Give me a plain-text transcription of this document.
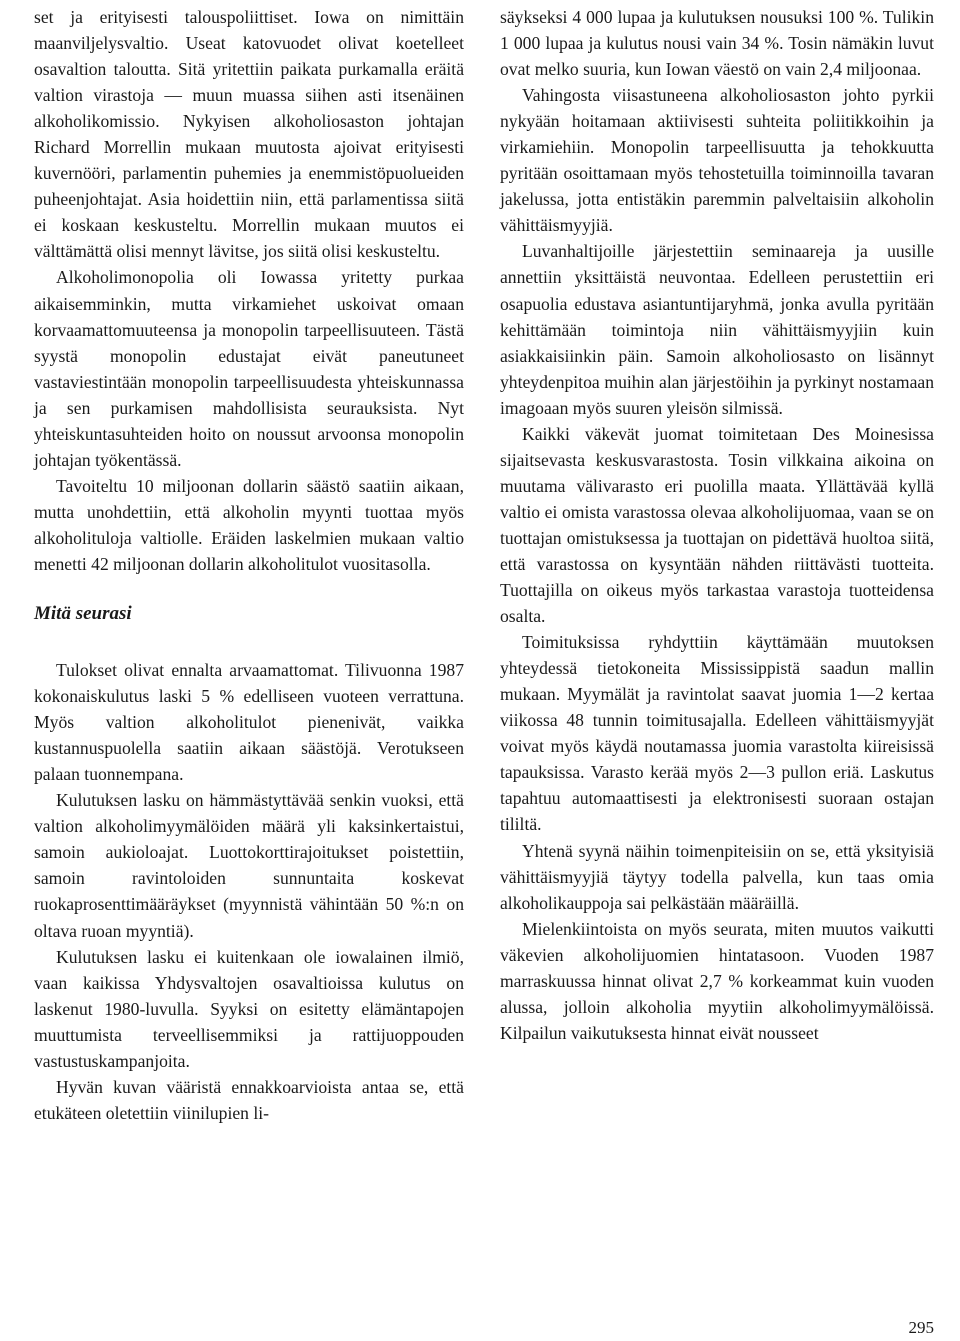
set ja erityisesti talouspoliittiset. Iowa on nimittäin maanviljelysvaltio. Useat katovuodet olivat koetelleet osavaltion taloutta. Sitä yritettiin paikata purkamalla eräitä valtion virastoja — muun muassa siihen asti itsenäinen alkoholikomissio. Nykyisen alkoholiosaston johtajan Richard Morrellin mukaan muutosta ajoivat erityisesti kuvernööri, parlamentin puhemies ja enemmistöpuolueiden puheenjohtajat. Asia hoidettiin niin, että parlamentissa siitä ei koskaan keskusteltu. Morrellin mukaan muutos ei välttämättä olisi mennyt lävitse, jos siitä olisi keskusteltu.

Alkoholimonopolia oli Iowassa yritetty purkaa aikaisemminkin, mutta virkamiehet uskoivat omaan korvaamattomuuteensa ja monopolin tarpeellisuuteen. Tästä syystä monopolin edustajat eivät paneutuneet vastaviestintään monopolin tarpeellisuudesta yhteiskunnassa ja sen purkamisen mahdollisista seurauksista. Nyt yhteiskuntasuhteiden hoito on noussut arvoonsa monopolin johtajan työkentässä.

Tavoiteltu 10 miljoonan dollarin säästö saatiin aikaan, mutta unohdettiin, että alkoholin myynti tuottaa myös alkoholituloja valtiolle. Eräiden laskelmien mukaan valtio menetti 42 miljoonan dollarin alkoholitulot vuositasolla.

Mitä seurasi

Tulokset olivat ennalta arvaamattomat. Tilivuonna 1987 kokonaiskulutus laski 5 % edelliseen vuoteen verrattuna. Myös valtion alkoholitulot pienenivät, vaikka kustannuspuolella saatiin aikaan säästöjä. Verotukseen palaan tuonnempana.

Kulutuksen lasku on hämmästyttävää senkin vuoksi, että valtion alkoholimyymälöiden määrä yli kaksinkertaistui, samoin aukioloajat. Luottokorttirajoitukset poistettiin, samoin ravintoloiden sunnuntaita koskevat ruokaprosenttimääräykset (myynnistä vähintään 50 %:n on oltava ruoan myyntiä).

Kulutuksen lasku ei kuitenkaan ole iowalainen ilmiö, vaan kaikissa Yhdysvaltojen osavaltioissa kulutus on laskenut 1980-luvulla. Syyksi on esitetty elämäntapojen muuttumista terveellisemmiksi ja rattijuoppouden vastustuskampanjoita.

Hyvän kuvan vääristä ennakkoarvioista antaa se, että etukäteen oletettiin viinilupien li-

säykseksi 4 000 lupaa ja kulutuksen nousuksi 100 %. Tulikin 1 000 lupaa ja kulutus nousi vain 34 %. Tosin nämäkin luvut ovat melko suuria, kun Iowan väestö on vain 2,4 miljoonaa.

Vahingosta viisastuneena alkoholiosaston johto pyrkii nykyään hoitamaan aktiivisesti suhteita poliitikkoihin ja virkamiehiin. Monopolin tarpeellisuutta ja tehokkuutta pyritään osoittamaan myös tehostetuilla toiminnoilla tavaran jakelussa, jotta entistäkin paremmin palveltaisiin alkoholin vähittäismyyjiä.

Luvanhaltijoille järjestettiin seminaareja ja uusille annettiin yksittäistä neuvontaa. Edelleen perustettiin eri osapuolia edustava asiantuntijaryhmä, jonka avulla pyritään kehittämään toimintoja niin vähittäismyyjiin kuin asiakkaisiinkin päin. Samoin alkoholiosasto on lisännyt yhteydenpitoa muihin alan järjestöihin ja pyrkinyt nostamaan imagoaan myös suuren yleisön silmissä.

Kaikki väkevät juomat toimitetaan Des Moinesissa sijaitsevasta keskusvarastosta. Tosin vilkkaina aikoina on muutama välivarasto eri puolilla maata. Yllättävää kyllä valtio ei omista varastossa olevaa alkoholijuomaa, vaan se on tuottajan omistuksessa ja tuottajan on pidettävä huoltoa siitä, että varastossa on kysyntään nähden riittävästi tuotteita. Tuottajilla on oikeus myös tarkastaa varastoja tuotteidensa osalta.

Toimituksissa ryhdyttiin käyttämään muutoksen yhteydessä tietokoneita Mississippistä saadun mallin mukaan. Myymälät ja ravintolat saavat juomia 1—2 kertaa viikossa 48 tunnin toimitusajalla. Edelleen vähittäismyyjät voivat myös käydä noutamassa juomia varastolta kiireisissä tapauksissa. Varasto kerää myös 2—3 pullon eriä. Laskutus tapahtuu automaattisesti ja elektronisesti suoraan ostajan tililtä.

Yhtenä syynä näihin toimenpiteisiin on se, että yksityisiä vähittäismyyjiä täytyy todella palvella, kun taas omia alkoholikauppoja sai pelkästään määräillä.

Mielenkiintoista on myös seurata, miten muutos vaikutti väkevien alkoholijuomien hintatasoon. Vuoden 1987 marraskuussa hinnat olivat 2,7 % korkeammat kuin vuoden alussa, jolloin alkoholia myytiin alkoholimyymälöissä. Kilpailun vaikutuksesta hinnat eivät nousseet

295
